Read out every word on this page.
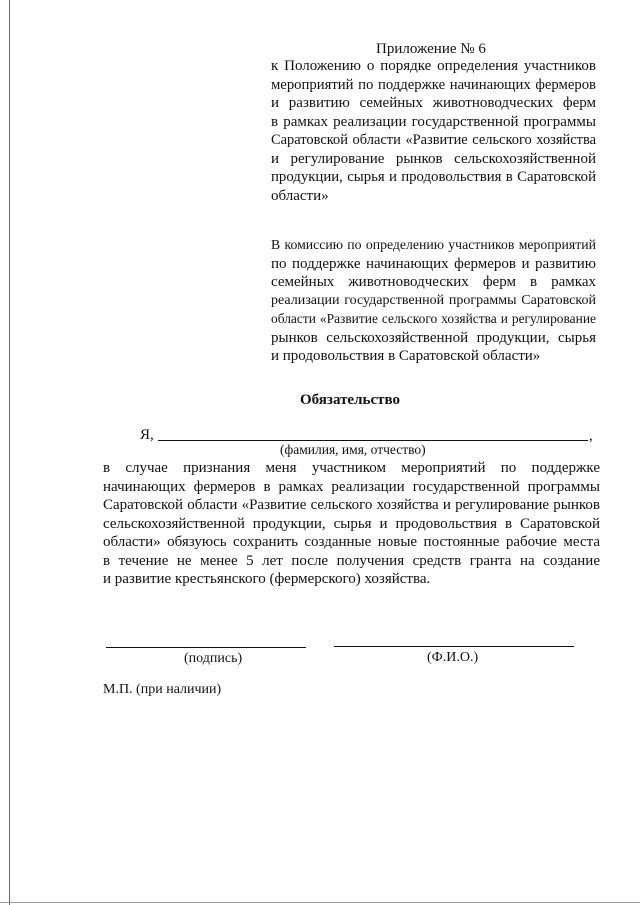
Приложение № 6
к Положению о порядке определения участников
мероприятий по поддержке начинающих фермеров
и развитию семейных животноводческих ферм
в рамках реализации государственной программы
Саратовской области «Развитие сельского хозяйства
и регулирование рынков сельскохозяйственной
продукции, сырья и продовольствия в Саратовской
области»
В комиссию по определению участников мероприятий
по поддержке начинающих фермеров и развитию
семейных животноводческих ферм в рамках
реализации государственной программы Саратовской
области «Развитие сельского хозяйства и регулирование
рынков сельскохозяйственной продукции, сырья
и продовольствия в Саратовской области»
Обязательство
Я,	,
(фамилия, имя, отчество)
в случае признания меня участником мероприятий по поддержке
начинающих фермеров в рамках реализации государственной программы
Саратовской области «Развитие сельского хозяйства и регулирование рынков
сельскохозяйственной продукции, сырья и продовольствия в Саратовской
области» обязуюсь сохранить созданные новые постоянные рабочие места
в течение не менее 5 лет после получения средств гранта на создание
и развитие крестьянского (фермерского) хозяйства.
(подпись)	(Ф.И.О.)
М.П. (при наличии)
